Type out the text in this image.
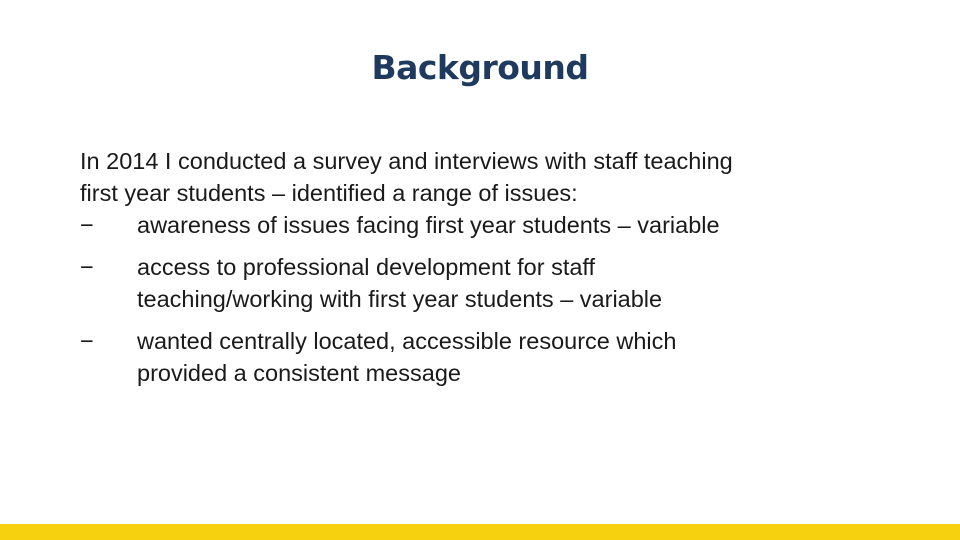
Background

In 2014 I conducted a survey and interviews with staff teaching
first year students – identified a range of issues:

−	awareness of issues facing first year students – variable
−	access to professional development for staff
teaching/working with first year students – variable
−	wanted centrally located, accessible resource which
provided a consistent message
